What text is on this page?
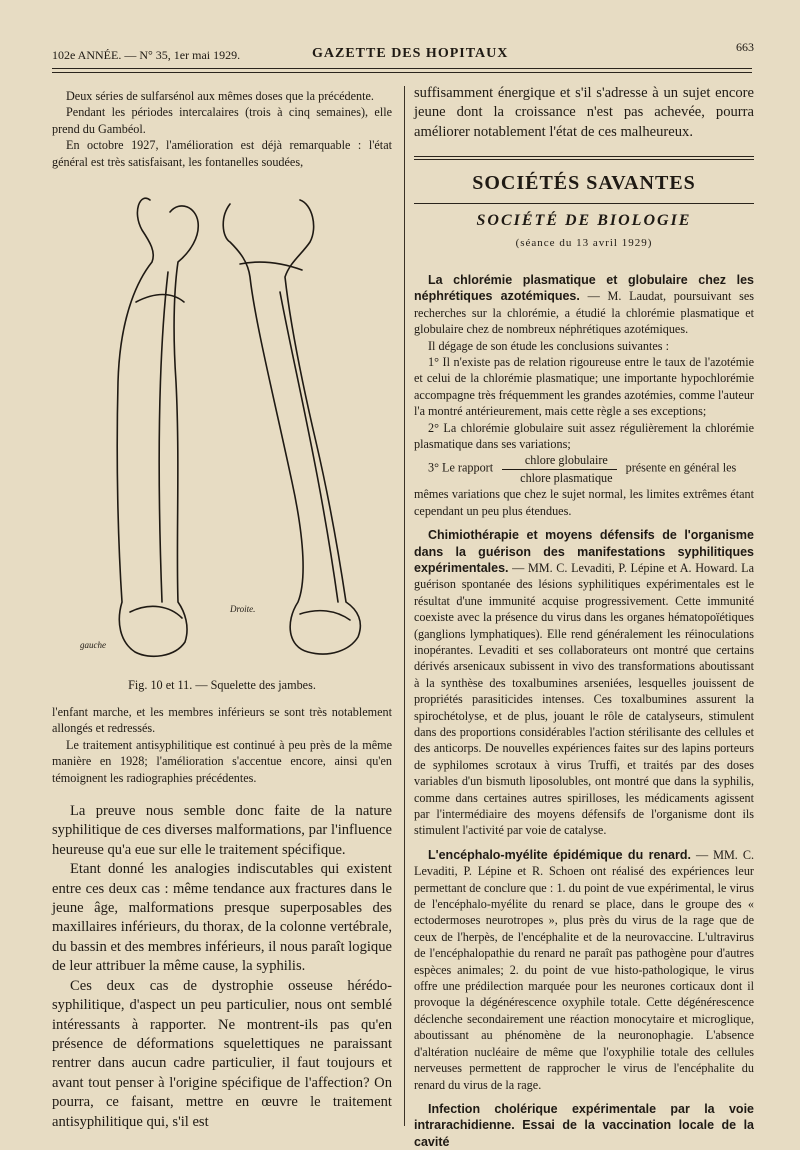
102e ANNÉE. — N° 35, 1er mai 1929.	GAZETTE DES HOPITAUX	663

Deux séries de sulfarsénol aux mêmes doses que la précédente.

Pendant les périodes intercalaires (trois à cinq semaines), elle prend du Gambéol.

En octobre 1927, l'amélioration est déjà remarquable : l'état général est très satisfaisant, les fontanelles soudées,

gauche
Droite.
Fig. 10 et 11. — Squelette des jambes.

l'enfant marche, et les membres inférieurs se sont très notablement allongés et redressés.

Le traitement antisyphilitique est continué à peu près de la même manière en 1928; l'amélioration s'accentue encore, ainsi qu'en témoignent les radiographies précédentes.

La preuve nous semble donc faite de la nature syphilitique de ces diverses malformations, par l'influence heureuse qu'a eue sur elle le traitement spécifique.

Etant donné les analogies indiscutables qui existent entre ces deux cas : même tendance aux fractures dans le jeune âge, malformations presque superposables des maxillaires inférieurs, du thorax, de la colonne vertébrale, du bassin et des membres inférieurs, il nous paraît logique de leur attribuer la même cause, la syphilis.

Ces deux cas de dystrophie osseuse hérédo-syphilitique, d'aspect un peu particulier, nous ont semblé intéressants à rapporter. Ne montrent-ils pas qu'en présence de déformations squelettiques ne paraissant rentrer dans aucun cadre particulier, il faut toujours et avant tout penser à l'origine spécifique de l'affection? On pourra, ce faisant, mettre en œuvre le traitement antisyphilitique qui, s'il est

suffisamment énergique et s'il s'adresse à un sujet encore jeune dont la croissance n'est pas achevée, pourra améliorer notablement l'état de ces malheureux.

SOCIÉTÉS SAVANTES
SOCIÉTÉ DE BIOLOGIE
(séance du 13 avril 1929)

La chlorémie plasmatique et globulaire chez les néphrétiques azotémiques. — M. Laudat, poursuivant ses recherches sur la chlorémie, a étudié la chlorémie plasmatique et globulaire chez de nombreux néphrétiques azotémiques.

Il dégage de son étude les conclusions suivantes :

1° Il n'existe pas de relation rigoureuse entre le taux de l'azotémie et celui de la chlorémie plasmatique; une importante hypochlorémie accompagne très fréquemment les grandes azotémies, comme l'auteur l'a montré antérieurement, mais cette règle a ses exceptions;

2° La chlorémie globulaire suit assez régulièrement la chlorémie plasmatique dans ses variations;

3° Le rapport $\frac{\text{chlore globulaire}}{\text{chlore plasmatique}}$ présente en général les

mêmes variations que chez le sujet normal, les limites extrêmes étant cependant un peu plus étendues.

Chimiothérapie et moyens défensifs de l'organisme dans la guérison des manifestations syphilitiques expérimentales. — MM. C. Levaditi, P. Lépine et A. Howard. La guérison spontanée des lésions syphilitiques expérimentales est le résultat d'une immunité acquise progressivement. Cette immunité coexiste avec la présence du virus dans les organes hématopoïétiques (ganglions lymphatiques). Elle rend généralement les réinoculations inopérantes. Levaditi et ses collaborateurs ont montré que certains dérivés arsenicaux subissent in vivo des transformations aboutissant à la synthèse des toxalbumines arseniées, lesquelles jouissent de propriétés parasiticides intenses. Ces toxalbumines assurent la spirochétolyse, et de plus, jouant le rôle de catalyseurs, stimulent dans des proportions considérables l'action stérilisante des cellules et des anticorps. De nouvelles expériences faites sur des lapins porteurs de syphilomes scrotaux à virus Truffi, et traités par des doses variables d'un bismuth liposolubles, ont montré que dans la syphilis, comme dans certaines autres spirilloses, les médicaments agissent par l'intermédiaire des moyens défensifs de l'organisme dont ils stimulent l'activité par voie de catalyse.

L'encéphalo-myélite épidémique du renard. — MM. C. Levaditi, P. Lépine et R. Schoen ont réalisé des expériences leur permettant de conclure que : 1. du point de vue expérimental, le virus de l'encéphalo-myélite du renard se place, dans le groupe des « ectodermoses neurotropes », plus près du virus de la rage que de ceux de l'herpès, de l'encéphalite et de la neurovaccine. L'ultravirus de l'encéphalopathie du renard ne paraît pas pathogène pour d'autres espèces animales; 2. du point de vue histo-pathologique, le virus offre une prédilection marquée pour les neurones corticaux dont il provoque la dégénérescence oxyphile totale. Cette dégénérescence déclenche secondairement une réaction monocytaire et microglique, aboutissant au phénomène de la neuronophagie. L'absence d'altération nucléaire de même que l'oxyphilie totale des cellules nerveuses permettent de rapprocher le virus de l'encéphalite du renard du virus de la rage.

Infection cholérique expérimentale par la voie intrarachidienne. Essai de la vaccination locale de la cavité
